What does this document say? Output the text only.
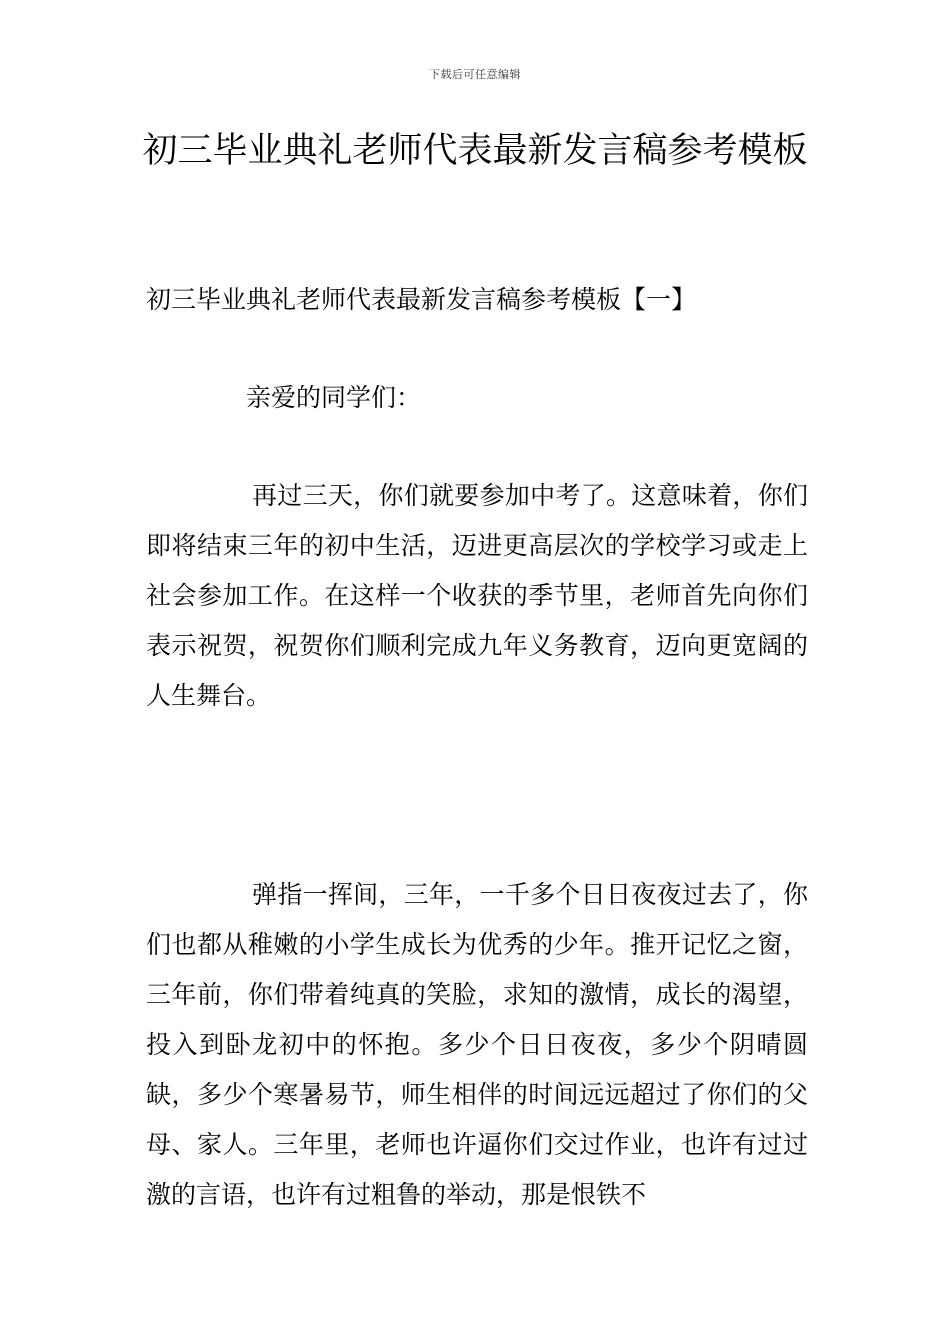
下载后可任意编辑
初三毕业典礼老师代表最新发言稿参考模板
初三毕业典礼老师代表最新发言稿参考模板【一】

亲爱的同学们：

再过三天，你们就要参加中考了。这意味着，你们即将结束三年的初中生活，迈进更高层次的学校学习或走上社会参加工作。在这样一个收获的季节里，老师首先向你们表示祝贺，祝贺你们顺利完成九年义务教育，迈向更宽阔的人生舞台。

弹指一挥间，三年，一千多个日日夜夜过去了，你们也都从稚嫩的小学生成长为优秀的少年。推开记忆之窗，三年前，你们带着纯真的笑脸，求知的激情，成长的渴望，投入到卧龙初中的怀抱。多少个日日夜夜，多少个阴晴圆缺，多少个寒暑易节，师生相伴的时间远远超过了你们的父母、家人。三年里，老师也许逼你们交过作业，也许有过过激的言语，也许有过粗鲁的举动，那是恨铁不
